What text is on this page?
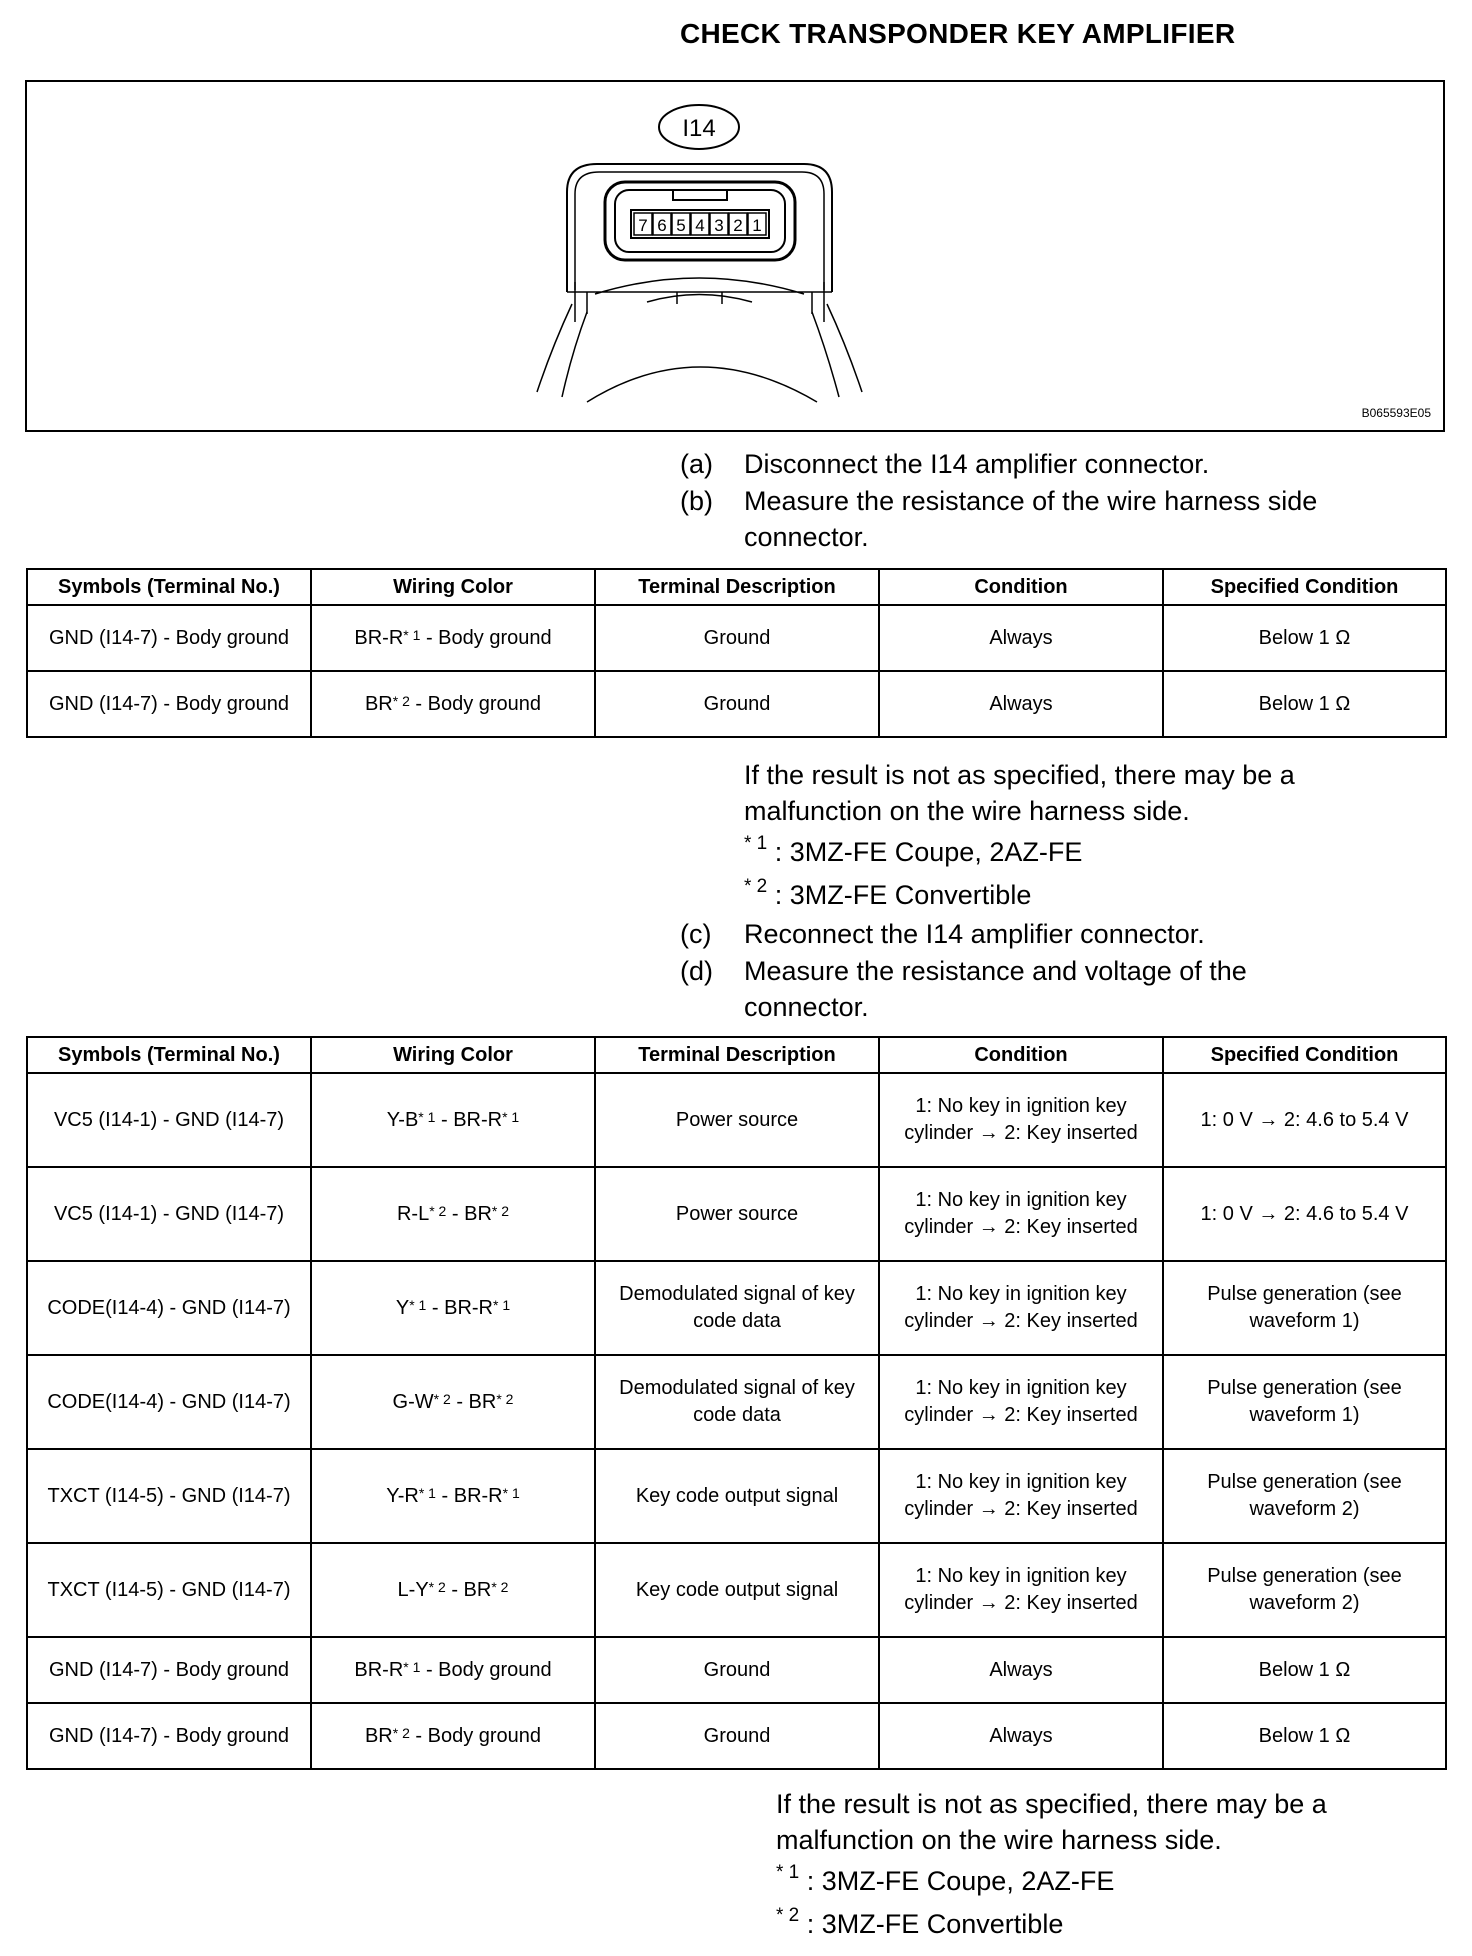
CHECK TRANSPONDER KEY AMPLIFIER
I14
7 6 5 4 3 2 1
B065593E05
(a)	Disconnect the I14 amplifier connector.
(b)	Measure the resistance of the wire harness side
connector.
Symbols (Terminal No.)	Wiring Color	Terminal Description	Condition	Specified Condition
GND (I14-7) - Body ground	$BR-R^{* 1}$ - Body ground	Ground	Always	Below 1 Ω
GND (I14-7) - Body ground	BR$^{* 2}$ - Body ground	Ground	Always	Below 1 Ω
If the result is not as specified, there may be a
malfunction on the wire harness side.
$^{* 1}$ : 3MZ-FE Coupe, 2AZ-FE
$^{* 2}$ : 3MZ-FE Convertible
(c)	Reconnect the I14 amplifier connector.
(d)	Measure the resistance and voltage of the
connector.
Symbols (Terminal No.)	Wiring Color	Terminal Description	Condition	Specified Condition
VC5 (I14-1) - GND (I14-7)	$Y-B^{* 1} - BR-R^{* 1}$	Power source	1: No key in ignition key cylinder → 2: Key inserted	1: 0 V → 2: 4.6 to 5.4 V
VC5 (I14-1) - GND (I14-7)	$R-L^{* 2} - BR^{* 2}$	Power source	1: No key in ignition key cylinder → 2: Key inserted	1: 0 V → 2: 4.6 to 5.4 V
CODE(I14-4) - GND (I14-7)	$Y^{* 1} - BR-R^{* 1}$	Demodulated signal of key code data	1: No key in ignition key cylinder → 2: Key inserted	Pulse generation (see waveform 1)
CODE(I14-4) - GND (I14-7)	$G-W^{* 2} - BR^{* 2}$	Demodulated signal of key code data	1: No key in ignition key cylinder → 2: Key inserted	Pulse generation (see waveform 1)
TXCT (I14-5) - GND (I14-7)	$Y-R^{* 1} - BR-R^{* 1}$	Key code output signal	1: No key in ignition key cylinder → 2: Key inserted	Pulse generation (see waveform 2)
TXCT (I14-5) - GND (I14-7)	$L-Y^{* 2} - BR^{* 2}$	Key code output signal	1: No key in ignition key cylinder → 2: Key inserted	Pulse generation (see waveform 2)
GND (I14-7) - Body ground	$BR-R^{* 1}$ - Body ground	Ground	Always	Below 1 Ω
GND (I14-7) - Body ground	BR$^{* 2}$ - Body ground	Ground	Always	Below 1 Ω
If the result is not as specified, there may be a
malfunction on the wire harness side.
$^{* 1}$ : 3MZ-FE Coupe, 2AZ-FE
$^{* 2}$ : 3MZ-FE Convertible
